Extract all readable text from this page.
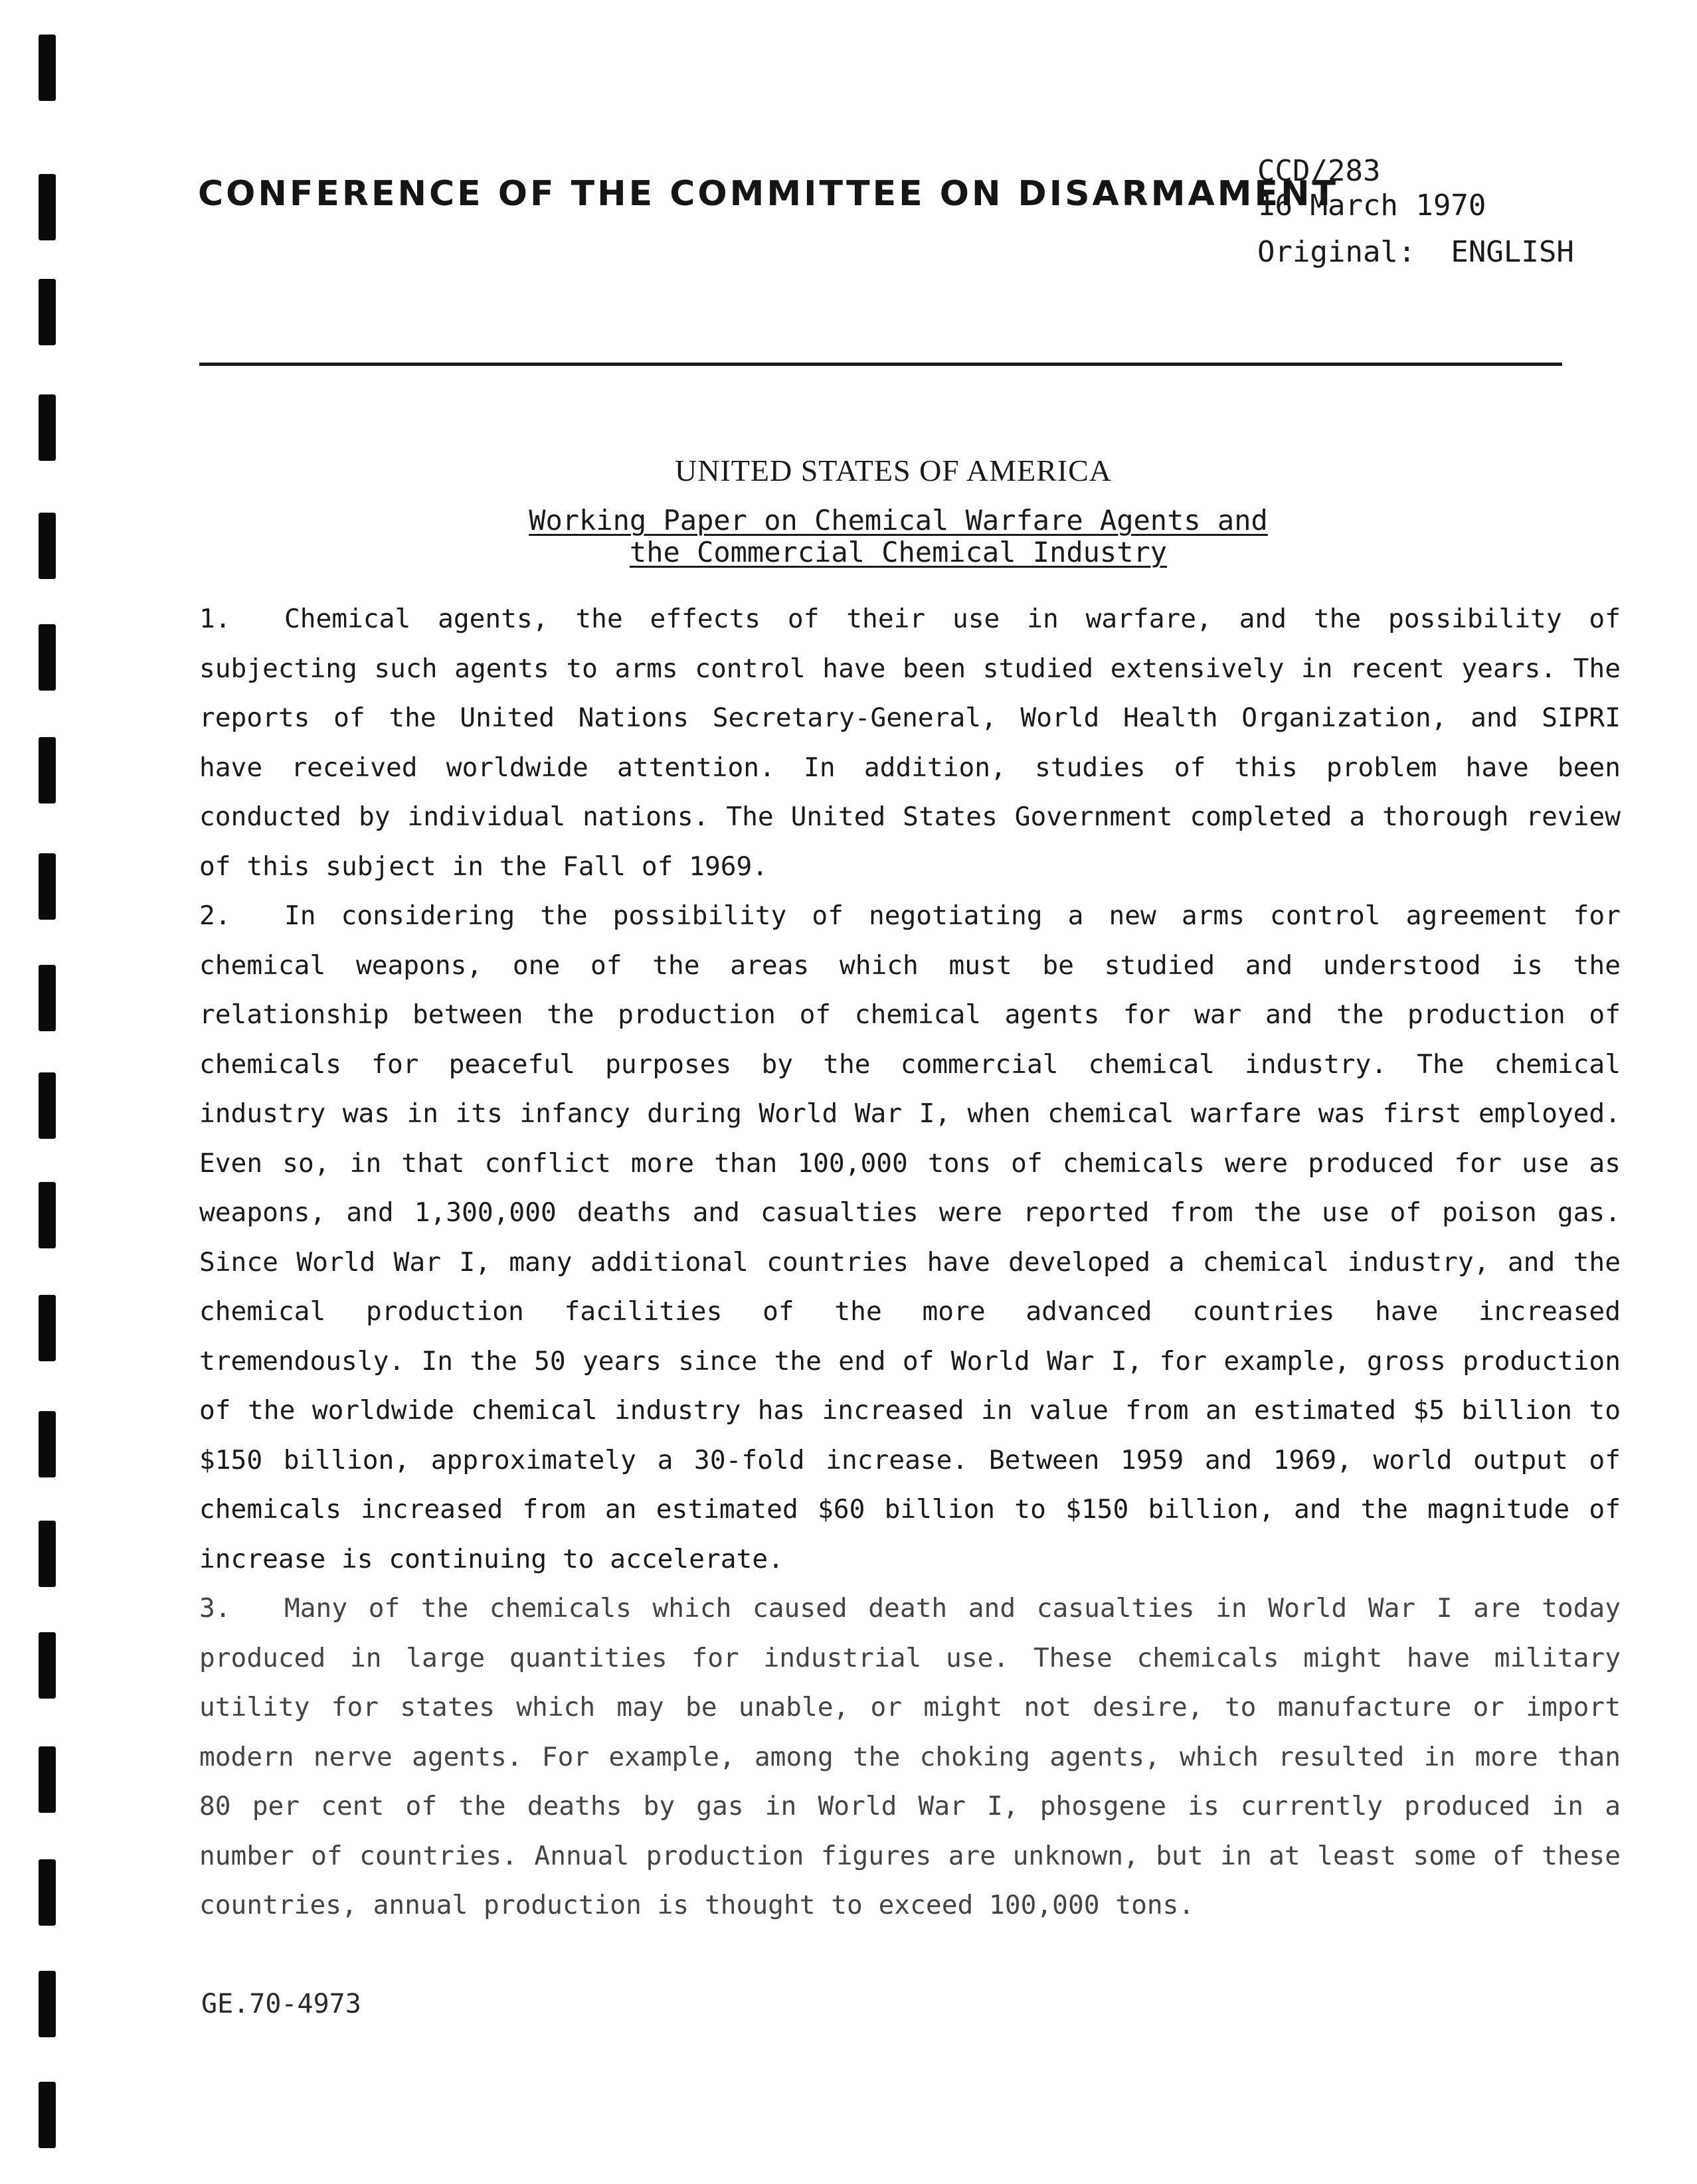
CONFERENCE OF THE COMMITTEE ON DISARMAMENT
CCD/283
16 March 1970
Original:  ENGLISH
UNITED STATES OF AMERICA
Working Paper on Chemical Warfare Agents and
the Commercial Chemical Industry

1. Chemical agents, the effects of their use in warfare, and the possibility of subjecting such agents to arms control have been studied extensively in recent years. The reports of the United Nations Secretary-General, World Health Organization, and SIPRI have received worldwide attention. In addition, studies of this problem have been conducted by individual nations. The United States Government completed a thorough review of this subject in the Fall of 1969.

2. In considering the possibility of negotiating a new arms control agreement for chemical weapons, one of the areas which must be studied and understood is the relationship between the production of chemical agents for war and the production of chemicals for peaceful purposes by the commercial chemical industry. The chemical industry was in its infancy during World War I, when chemical warfare was first employed. Even so, in that conflict more than 100,000 tons of chemicals were produced for use as weapons, and 1,300,000 deaths and casualties were reported from the use of poison gas. Since World War I, many additional countries have developed a chemical industry, and the chemical production facilities of the more advanced countries have increased tremendously. In the 50 years since the end of World War I, for example, gross production of the worldwide chemical industry has increased in value from an estimated $5 billion to $150 billion, approximately a 30-fold increase. Between 1959 and 1969, world output of chemicals increased from an estimated $60 billion to $150 billion, and the magnitude of increase is continuing to accelerate.

3. Many of the chemicals which caused death and casualties in World War I are today produced in large quantities for industrial use. These chemicals might have military utility for states which may be unable, or might not desire, to manufacture or import modern nerve agents. For example, among the choking agents, which resulted in more than 80 per cent of the deaths by gas in World War I, phosgene is currently produced in a number of countries. Annual production figures are unknown, but in at least some of these countries, annual production is thought to exceed 100,000 tons.

GE.70-4973
